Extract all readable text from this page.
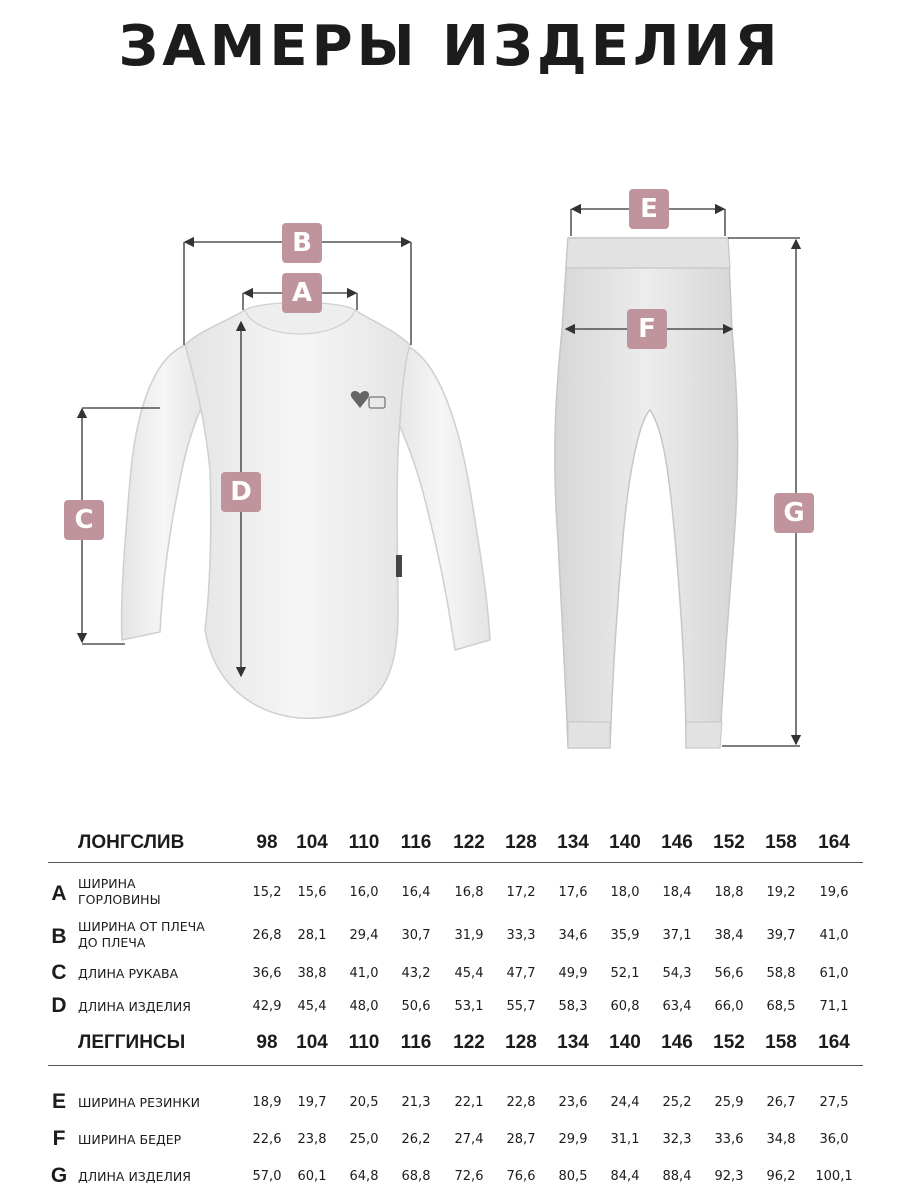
ЗАМЕРЫ ИЗДЕЛИЯ
B
A
C
D
E
F
G
ЛОНГСЛИВ	98 104	110	116	122	128	134	140	146	152	158	164
A ШИРИНА
ГОРЛОВИНЫ	15,2	15,6	16,0	16,4	16,8	17,2	17,6	18,0	18,4	18,8	19,2	19,6
B ШИРИНА ОТ ПЛЕЧА
ДО ПЛЕЧА	26,8	28,1	29,4	30,7	31,9	33,3	34,6	35,9	37,1	38,4	39,7	41,0
C ДЛИНА РУКАВА	36,6	38,8	41,0	43,2	45,4	47,7	49,9	52,1	54,3	56,6	58,8	61,0
D ДЛИНА ИЗДЕЛИЯ	42,9	45,4	48,0	50,6	53,1	55,7	58,3	60,8	63,4	66,0	68,5	71,1
ЛЕГГИНСЫ	98 104	110	116	122	128	134	140	146	152	158	164
E ШИРИНА РЕЗИНКИ	18,9	19,7	20,5	21,3	22,1	22,8	23,6	24,4	25,2	25,9	26,7	27,5
F	ШИРИНА БЕДЕР	22,6	23,8	25,0	26,2	27,4	28,7	29,9	31,1	32,3	33,6	34,8	36,0
G ДЛИНА ИЗДЕЛИЯ	57,0	60,1	64,8	68,8	72,6	76,6	80,5	84,4	88,4	92,3	96,2	100,1
